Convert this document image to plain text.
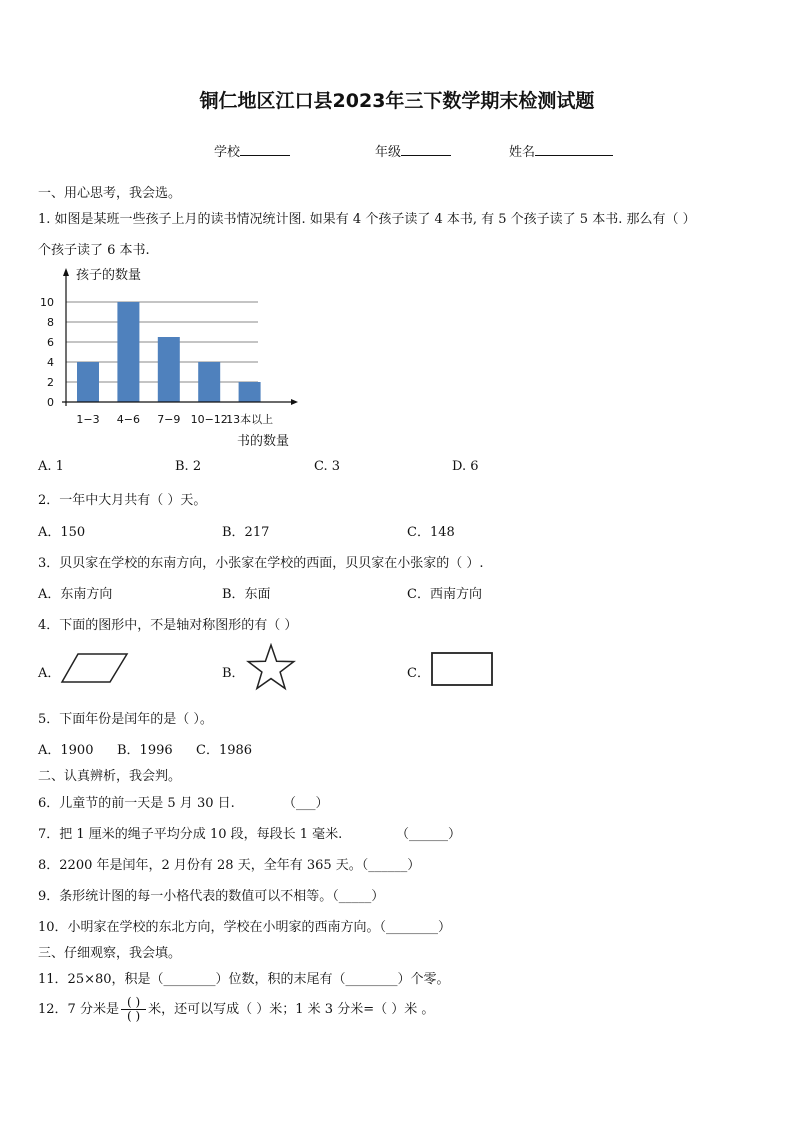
铜仁地区江口县2023年三下数学期末检测试题
学校	年级	姓名
一、用心思考，我会选。
1. 如图是某班一些孩子上月的读书情况统计图. 如果有 4 个孩子读了 4 本书, 有 5 个孩子读了 5 本书. 那么有（ ）
个孩子读了 6 本书.
0
2
4
6
8
10
1−3 4−6 7−9 10−12
13本以上
孩子的数量
书的数量
A. 1	B. 2	C. 3	D. 6
2．一年中大月共有（ ）天。
A．150	B．217	C．148
3．贝贝家在学校的东南方向，小张家在学校的西面，贝贝家在小张家的（ ）.
A．东南方向	B．东面	C．西南方向
4．下面的图形中，不是轴对称图形的有（ ）
A．	B．	C．
5．下面年份是闰年的是（ ）。
A．1900 B．1996 C．1986
二、认真辨析，我会判。
6．儿童节的前一天是 5 月 30 日.	（___）
7．把 1 厘米的绳子平均分成 10 段，每段长 1 毫米.	（______）
8．2200 年是闰年，2 月份有 28 天，全年有 365 天。（______）
9．条形统计图的每一小格代表的数值可以不相等。（_____）
10．小明家在学校的东北方向，学校在小明家的西南方向。（________）
三、仔细观察，我会填。
11．25×80，积是（________）位数，积的末尾有（________）个零。
12．7 分米是 $\frac{( )}{( )}$ 米，还可以写成（ ）米；1 米 3 分米=（ ）米 。
